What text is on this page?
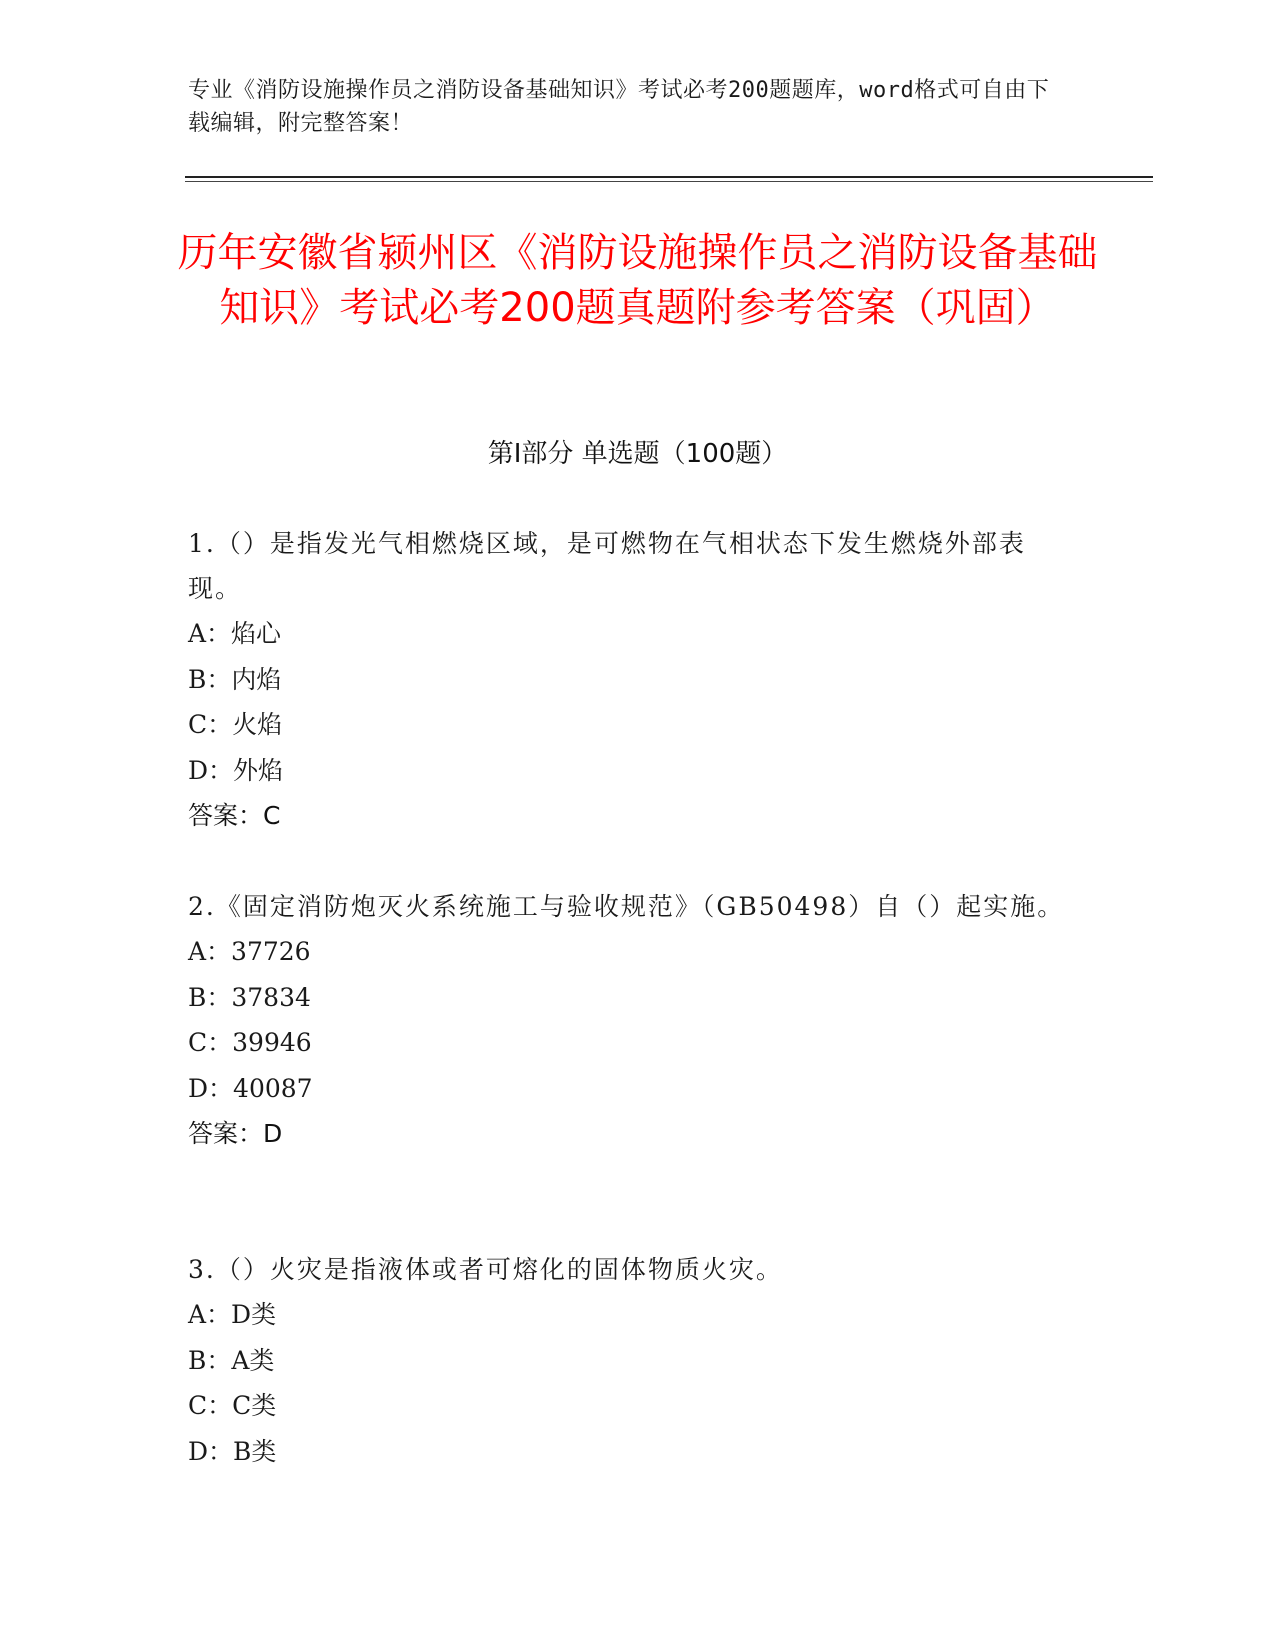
专业《消防设施操作员之消防设备基础知识》考试必考200题题库，word格式可自由下载编辑，附完整答案！
历年安徽省颍州区《消防设施操作员之消防设备基础知识》考试必考200题真题附参考答案（巩固）
第I部分 单选题（100题）
1.（）是指发光气相燃烧区域，是可燃物在气相状态下发生燃烧外部表现。
A：焰心
B：内焰
C：火焰
D：外焰
答案：C
2.《固定消防炮灭火系统施工与验收规范》（GB50498）自（）起实施。
A：37726
B：37834
C：39946
D：40087
答案：D
3.（）火灾是指液体或者可熔化的固体物质火灾。
A：D类
B：A类
C：C类
D：B类
